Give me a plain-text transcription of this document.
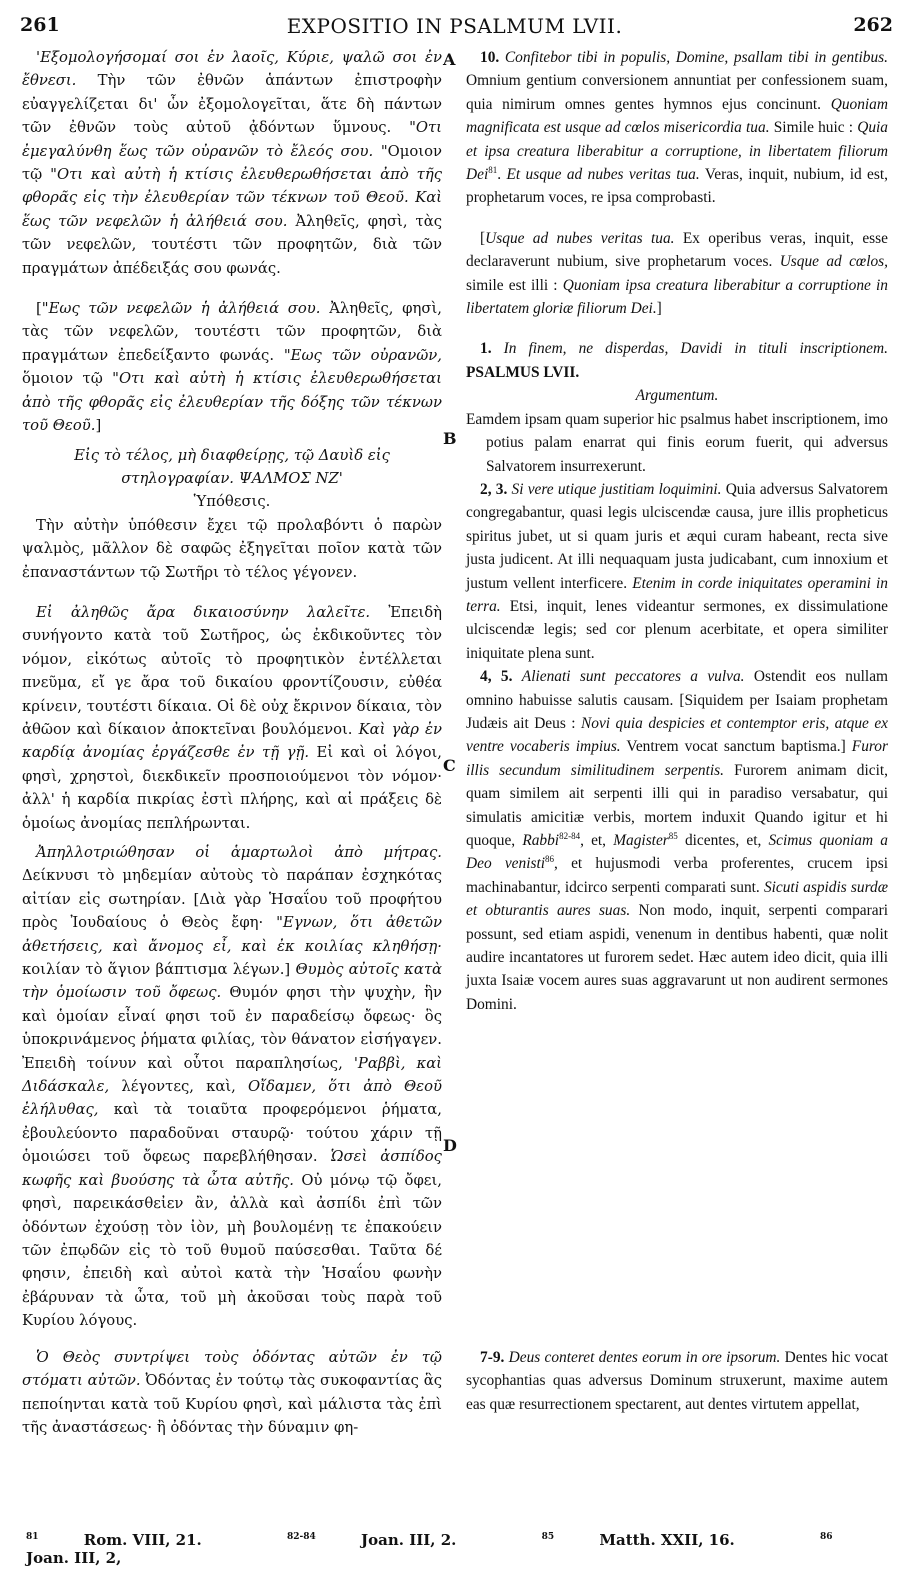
261	EXPOSITIO IN PSALMUM LVII.	262
A
B
C
D

'Εξομολογήσομαί σοι ἐν λαοῖς, Κύριε, ψαλῶ σοι ἐν ἔθνεσι. Τὴν τῶν ἐθνῶν ἁπάντων ἐπιστροφὴν εὐαγγελίζεται δι' ὧν ἐξομολογεῖται, ἅτε δὴ πάντων τῶν ἐθνῶν τοὺς αὐτοῦ ᾀδόντων ὕμνους. "Οτι ἐμεγαλύνθη ἕως τῶν οὐρανῶν τὸ ἔλεός σου. "Ομοιον τῷ "Οτι καὶ αὐτὴ ἡ κτίσις ἐλευθερωθήσεται ἀπὸ τῆς φθορᾶς εἰς τὴν ἐλευθερίαν τῶν τέκνων τοῦ Θεοῦ. Καὶ ἕως τῶν νεφελῶν ἡ ἀλήθειά σου. Ἀληθεῖς, φησὶ, τὰς τῶν νεφελῶν, τουτέστι τῶν προφητῶν, διὰ τῶν πραγμάτων ἀπέδειξάς σου φωνάς.

["Εως τῶν νεφελῶν ἡ ἀλήθειά σου. Ἀληθεῖς, φησὶ, τὰς τῶν νεφελῶν, τουτέστι τῶν προφητῶν, διὰ πραγμάτων ἐπεδείξαντο φωνάς. "Εως τῶν οὐρανῶν, ὅμοιον τῷ "Οτι καὶ αὐτὴ ἡ κτίσις ἐλευθερωθήσεται ἀπὸ τῆς φθορᾶς εἰς ἐλευθερίαν τῆς δόξης τῶν τέκνων τοῦ Θεοῦ.]

Εἰς τὸ τέλος, μὴ διαφθείρῃς, τῷ Δαυὶδ εἰς στηλογραφίαν. ΨΑΛΜΟΣ ΝΖ'

Ὑπόθεσις.

Τὴν αὐτὴν ὑπόθεσιν ἔχει τῷ προλαβόντι ὁ παρὼν ψαλμὸς, μᾶλλον δὲ σαφῶς ἐξηγεῖται ποῖον κατὰ τῶν ἐπαναστάντων τῷ Σωτῆρι τὸ τέλος γέγονεν.

Εἰ ἀληθῶς ἄρα δικαιοσύνην λαλεῖτε. Ἐπειδὴ συνήγοντο κατὰ τοῦ Σωτῆρος, ὡς ἐκδικοῦντες τὸν νόμον, εἰκότως αὐτοῖς τὸ προφητικὸν ἐντέλλεται πνεῦμα, εἴ γε ἄρα τοῦ δικαίου φροντίζουσιν, εὐθέα κρίνειν, τουτέστι δίκαια. Οἱ δὲ οὐχ ἔκρινον δίκαια, τὸν ἀθῶον καὶ δίκαιον ἀποκτεῖναι βουλόμενοι. Καὶ γὰρ ἐν καρδίᾳ ἀνομίας ἐργάζεσθε ἐν τῇ γῇ. Εἰ καὶ οἱ λόγοι, φησὶ, χρηστοὶ, διεκδικεῖν προσποιούμενοι τὸν νόμον· ἀλλ' ἡ καρδία πικρίας ἐστὶ πλήρης, καὶ αἱ πράξεις δὲ ὁμοίως ἀνομίας πεπλήρωνται.

Ἀπηλλοτριώθησαν οἱ ἁμαρτωλοὶ ἀπὸ μήτρας. Δείκνυσι τὸ μηδεμίαν αὐτοὺς τὸ παράπαν ἐσχηκότας αἰτίαν εἰς σωτηρίαν. [Διὰ γὰρ Ἡσαΐου τοῦ προφήτου πρὸς Ἰουδαίους ὁ Θεὸς ἔφη· "Εγνων, ὅτι ἀθετῶν ἀθετήσεις, καὶ ἄνομος εἶ, καὶ ἐκ κοιλίας κληθήσῃ· κοιλίαν τὸ ἅγιον βάπτισμα λέγων.] Θυμὸς αὐτοῖς κατὰ τὴν ὁμοίωσιν τοῦ ὄφεως. Θυμόν φησι τὴν ψυχὴν, ἣν καὶ ὁμοίαν εἶναί φησι τοῦ ἐν παραδείσῳ ὄφεως· ὃς ὑποκρινάμενος ῥήματα φιλίας, τὸν θάνατον εἰσήγαγεν. Ἐπειδὴ τοίνυν καὶ οὗτοι παραπλησίως, 'Ραββὶ, καὶ Διδάσκαλε, λέγοντες, καὶ, Οἴδαμεν, ὅτι ἀπὸ Θεοῦ ἐλήλυθας, καὶ τὰ τοιαῦτα προφερόμενοι ῥήματα, ἐβουλεύοντο παραδοῦναι σταυρῷ· τούτου χάριν τῇ ὁμοιώσει τοῦ ὄφεως παρεβλήθησαν. Ὡσεὶ ἀσπίδος κωφῆς καὶ βυούσης τὰ ὦτα αὐτῆς. Οὐ μόνῳ τῷ ὄφει, φησὶ, παρεικάσθεἰεν ἂν, ἀλλὰ καὶ ἀσπίδι ἐπὶ τῶν ὀδόντων ἐχούσῃ τὸν ἰὸν, μὴ βουλομένῃ τε ἐπακούειν τῶν ἐπῳδῶν εἰς τὸ τοῦ θυμοῦ παύσεσθαι. Ταῦτα δέ φησιν, ἐπειδὴ καὶ αὐτοὶ κατὰ τὴν Ἡσαΐου φωνὴν ἐβάρυναν τὰ ὦτα, τοῦ μὴ ἀκοῦσαι τοὺς παρὰ τοῦ Κυρίου λόγους.

10. Confitebor tibi in populis, Domine, psallam tibi in gentibus. Omnium gentium conversionem annuntiat per confessionem suam, quia nimirum omnes gentes hymnos ejus concinunt. Quoniam magnificata est usque ad cœlos misericordia tua. Simile huic : Quia et ipsa creatura liberabitur a corruptione, in libertatem filiorum Dei$^{81}$. Et usque ad nubes veritas tua. Veras, inquit, nubium, id est, prophetarum voces, re ipsa comprobasti.

[Usque ad nubes veritas tua. Ex operibus veras, inquit, esse declaraverunt nubium, sive prophetarum voces. Usque ad cœlos, simile est illi : Quoniam ipsa creatura liberabitur a corruptione in libertatem gloriæ filiorum Dei.]

1. In finem, ne disperdas, Davidi in tituli inscriptionem. PSALMUS LVII.

Argumentum.

Eamdem ipsam quam superior hic psalmus habet inscriptionem, imo potius palam enarrat qui finis eorum fuerit, qui adversus Salvatorem insurrexerunt.

2, 3. Si vere utique justitiam loquimini. Quia adversus Salvatorem congregabantur, quasi legis ulciscendæ causa, jure illis propheticus spiritus jubet, ut si quam juris et æqui curam habeant, recta sive justa judicent. At illi nequaquam justa judicabant, cum innoxium et justum vellent interficere. Etenim in corde iniquitates operamini in terra. Etsi, inquit, lenes videantur sermones, ex dissimulatione ulciscendæ legis; sed cor plenum acerbitate, et opera similiter iniquitate plena sunt.

4, 5. Alienati sunt peccatores a vulva. Ostendit eos nullam omnino habuisse salutis causam. [Siquidem per Isaiam prophetam Judæis ait Deus : Novi quia despicies et contemptor eris, atque ex ventre vocaberis impius. Ventrem vocat sanctum baptisma.] Furor illis secundum similitudinem serpentis. Furorem animam dicit, quam similem ait serpenti illi qui in paradiso versabatur, qui simulatis amicitiæ verbis, mortem induxit Quando igitur et hi quoque, Rabbi$^{82-84}$, et, Magister$^{85}$ dicentes, et, Scimus quoniam a Deo venisti$^{86}$, et hujusmodi verba proferentes, crucem ipsi machinabantur, idcirco serpenti comparati sunt. Sicuti aspidis surdæ et obturantis aures suas. Non modo, inquit, serpenti comparari possunt, sed etiam aspidi, venenum in dentibus habenti, quæ nolit audire incantatores ut furorem sedet. Hæc autem ideo dicit, quia illi juxta Isaiæ vocem aures suas aggravarunt ut non audirent sermones Domini.

Ὁ Θεὸς συντρίψει τοὺς ὀδόντας αὐτῶν ἐν τῷ στόματι αὐτῶν. Ὀδόντας ἐν τούτῳ τὰς συκοφαντίας ἃς πεποίηνται κατὰ τοῦ Κυρίου φησὶ, καὶ μάλιστα τὰς ἐπὶ τῆς ἀναστάσεως· ἢ ὀδόντας τὴν δύναμιν φη-

7-9. Deus conteret dentes eorum in ore ipsorum. Dentes hic vocat sycophantias quas adversus Dominum struxerunt, maxime autem eas quæ resurrectionem spectarent, aut dentes virtutem appellat,

$^{81}$	Rom. VIII, 21.	$^{82-84}$	Joan. III, 2.	$^{85}$	Matth. XXII, 16.	$^{86}$ Joan. III, 2,
